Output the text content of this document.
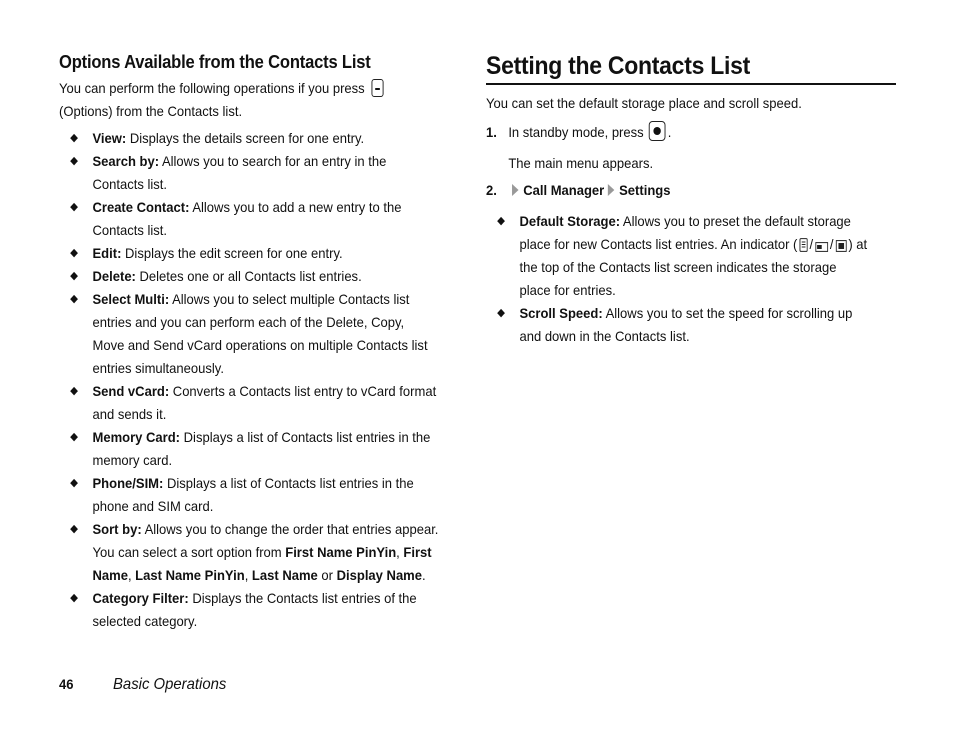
Options Available from the Contacts List
You can perform the following operations if you press
(Options) from the Contacts list.
◆ View: Displays the details screen for one entry.
◆ Search by: Allows you to search for an entry in the Contacts list.
◆ Create Contact: Allows you to add a new entry to the Contacts list.
◆ Edit: Displays the edit screen for one entry.
◆ Delete: Deletes one or all Contacts list entries.
◆ Select Multi: Allows you to select multiple Contacts list entries and you can perform each of the Delete, Copy, Move and Send vCard operations on multiple Contacts list entries simultaneously.
◆ Send vCard: Converts a Contacts list entry to vCard format and sends it.
◆ Memory Card: Displays a list of Contacts list entries in the memory card.
◆ Phone/SIM: Displays a list of Contacts list entries in the phone and SIM card.
◆ Sort by: Allows you to change the order that entries appear. You can select a sort option from First Name PinYin, First Name, Last Name PinYin, Last Name or Display Name.
◆ Category Filter: Displays the Contacts list entries of the selected category.
Setting the Contacts List
You can set the default storage place and scroll speed.
1. In standby mode, press .
The main menu appears.
2. Call Manager Settings
◆ Default Storage: Allows you to preset the default storage place for new Contacts list entries. An indicator ( / / ) at the top of the Contacts list screen indicates the storage place for entries.
◆ Scroll Speed: Allows you to set the speed for scrolling up and down in the Contacts list.
46 Basic Operations
